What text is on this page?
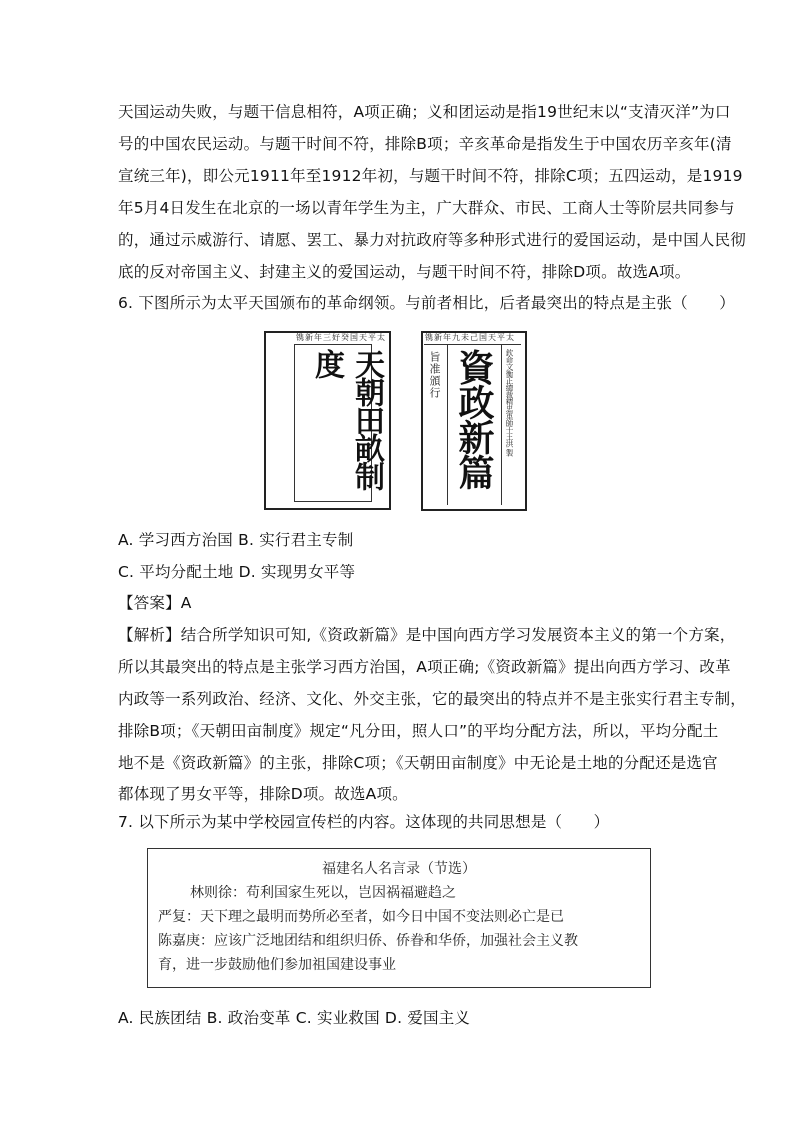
天国运动失败，与题干信息相符，A项正确；义和团运动是指19世纪末以“支清灭洋”为口
号的中国农民运动。与题干时间不符，排除B项；辛亥革命是指发生于中国农历辛亥年(清
宣统三年)，即公元1911年至1912年初，与题干时间不符，排除C项；五四运动，是1919
年5月4日发生在北京的一场以青年学生为主，广大群众、市民、工商人士等阶层共同参与
的，通过示威游行、请愿、罢工、暴力对抗政府等多种形式进行的爱国运动，是中国人民彻
底的反对帝国主义、封建主义的爱国运动，与题干时间不符，排除D项。故选A项。
6. 下图所示为太平天国颁布的革命纲领。与前者相比，后者最突出的特点是主张（　　）
镌新年三好癸国天平太
天朝田畝制度
镌新年九未己国天平太
旨准頒行 資政新篇 欽命文衡正總裁精忠軍師干王洪 製
A. 学习西方治国 B. 实行君主专制
C. 平均分配土地 D. 实现男女平等
【答案】A
【解析】结合所学知识可知,《资政新篇》是中国向西方学习发展资本主义的第一个方案，
所以其最突出的特点是主张学习西方治国，A项正确;《资政新篇》提出向西方学习、改革
内政等一系列政治、经济、文化、外交主张，它的最突出的特点并不是主张实行君主专制，
排除B项；《天朝田亩制度》规定“凡分田，照人口”的平均分配方法，所以，平均分配土
地不是《资政新篇》的主张，排除C项；《天朝田亩制度》中无论是土地的分配还是选官
都体现了男女平等，排除D项。故选A项。
7. 以下所示为某中学校园宣传栏的内容。这体现的共同思想是（　　）
福建名人名言录（节选）
林则徐：苟利国家生死以，岂因祸福避趋之
严复：天下理之最明而势所必至者，如今日中国不变法则必亡是已
陈嘉庚：应该广泛地团结和组织归侨、侨眷和华侨，加强社会主义教
育，进一步鼓励他们参加祖国建设事业
A. 民族团结 B. 政治变革 C. 实业救国 D. 爱国主义
